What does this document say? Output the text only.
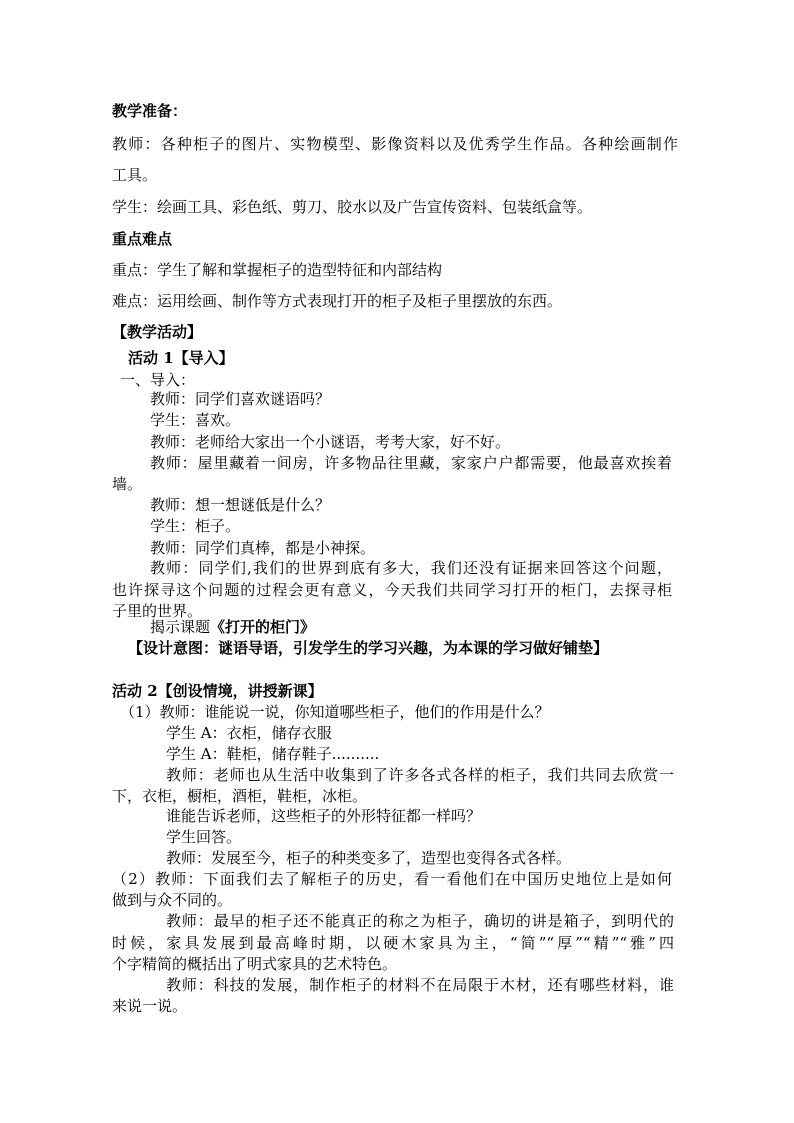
教学准备：

教师：各种柜子的图片、实物模型、影像资料以及优秀学生作品。各种绘画制作

工具。

学生：绘画工具、彩色纸、剪刀、胶水以及广告宣传资料、包装纸盒等。

重点难点

重点：学生了解和掌握柜子的造型特征和内部结构

难点：运用绘画、制作等方式表现打开的柜子及柜子里摆放的东西。

【教学活动】

活动 1【导入】

一、导入：

教师：同学们喜欢谜语吗？

学生：喜欢。

教师：老师给大家出一个小谜语，考考大家，好不好。

教师：屋里藏着一间房，许多物品往里藏，家家户户都需要，他最喜欢挨着

墙。

教师：想一想谜低是什么？

学生：柜子。

教师：同学们真棒，都是小神探。

教师：同学们,我们的世界到底有多大，我们还没有证据来回答这个问题，

也许探寻这个问题的过程会更有意义，今天我们共同学习打开的柜门，去探寻柜

子里的世界。

揭示课题《打开的柜门》

【设计意图：谜语导语，引发学生的学习兴趣，为本课的学习做好铺垫】

活动 2【创设情境，讲授新课】

（1）教师：谁能说一说，你知道哪些柜子，他们的作用是什么？

学生 A：衣柜，储存衣服

学生 A：鞋柜，储存鞋子..........

教师：老师也从生活中收集到了许多各式各样的柜子，我们共同去欣赏一

下，衣柜，橱柜，酒柜，鞋柜，冰柜。

谁能告诉老师，这些柜子的外形特征都一样吗？

学生回答。

教师：发展至今，柜子的种类变多了，造型也变得各式各样。

（2）教师：下面我们去了解柜子的历史，看一看他们在中国历史地位上是如何

做到与众不同的。

教师：最早的柜子还不能真正的称之为柜子，确切的讲是箱子，到明代的

时候，家具发展到最高峰时期，以硬木家具为主，“简”“厚”“精”“雅”四

个字精简的概括出了明式家具的艺术特色。

教师：科技的发展，制作柜子的材料不在局限于木材，还有哪些材料，谁

来说一说。
